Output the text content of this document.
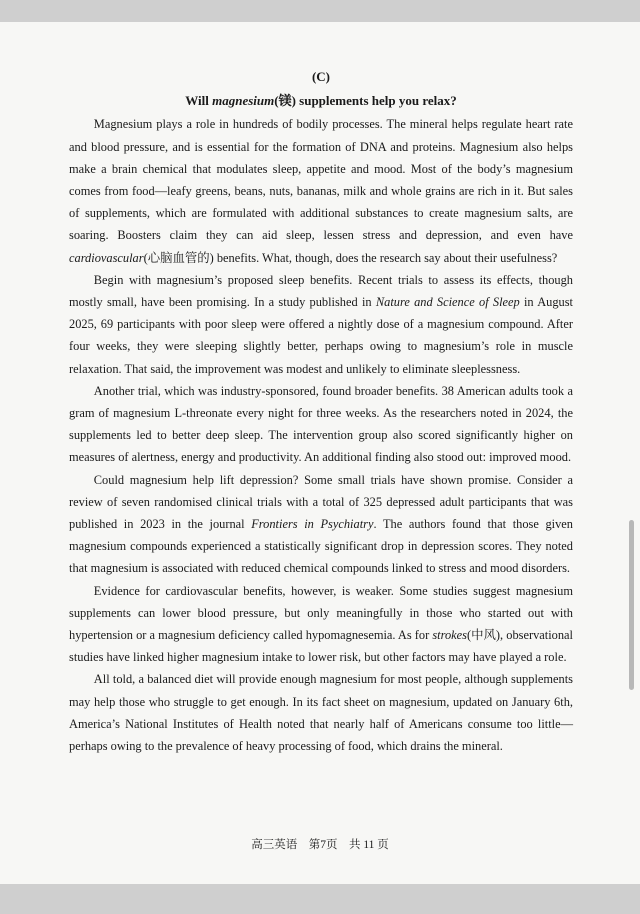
(C)
Will magnesium(镁) supplements help you relax?

Magnesium plays a role in hundreds of bodily processes. The mineral helps regulate heart rate and blood pressure, and is essential for the formation of DNA and proteins. Magnesium also helps make a brain chemical that modulates sleep, appetite and mood. Most of the body’s magnesium comes from food—leafy greens, beans, nuts, bananas, milk and whole grains are rich in it. But sales of supplements, which are formulated with additional substances to create magnesium salts, are soaring. Boosters claim they can aid sleep, lessen stress and depression, and even have cardiovascular(心脑血管的) benefits. What, though, does the research say about their usefulness?

Begin with magnesium’s proposed sleep benefits. Recent trials to assess its effects, though mostly small, have been promising. In a study published in Nature and Science of Sleep in August 2025, 69 participants with poor sleep were offered a nightly dose of a magnesium compound. After four weeks, they were sleeping slightly better, perhaps owing to magnesium’s role in muscle relaxation. That said, the improvement was modest and unlikely to eliminate sleeplessness.

Another trial, which was industry-sponsored, found broader benefits. 38 American adults took a gram of magnesium L-threonate every night for three weeks. As the researchers noted in 2024, the supplements led to better deep sleep. The intervention group also scored significantly higher on measures of alertness, energy and productivity. An additional finding also stood out: improved mood.

Could magnesium help lift depression? Some small trials have shown promise. Consider a review of seven randomised clinical trials with a total of 325 depressed adult participants that was published in 2023 in the journal Frontiers in Psychiatry. The authors found that those given magnesium compounds experienced a statistically significant drop in depression scores. They noted that magnesium is associated with reduced chemical compounds linked to stress and mood disorders.

Evidence for cardiovascular benefits, however, is weaker. Some studies suggest magnesium supplements can lower blood pressure, but only meaningfully in those who started out with hypertension or a magnesium deficiency called hypomagnesemia. As for strokes(中风), observational studies have linked higher magnesium intake to lower risk, but other factors may have played a role.

All told, a balanced diet will provide enough magnesium for most people, although supplements may help those who struggle to get enough. In its fact sheet on magnesium, updated on January 6th, America’s National Institutes of Health noted that nearly half of Americans consume too little—perhaps owing to the prevalence of heavy processing of food, which drains the mineral.

高三英语　第7页　共 11 页
